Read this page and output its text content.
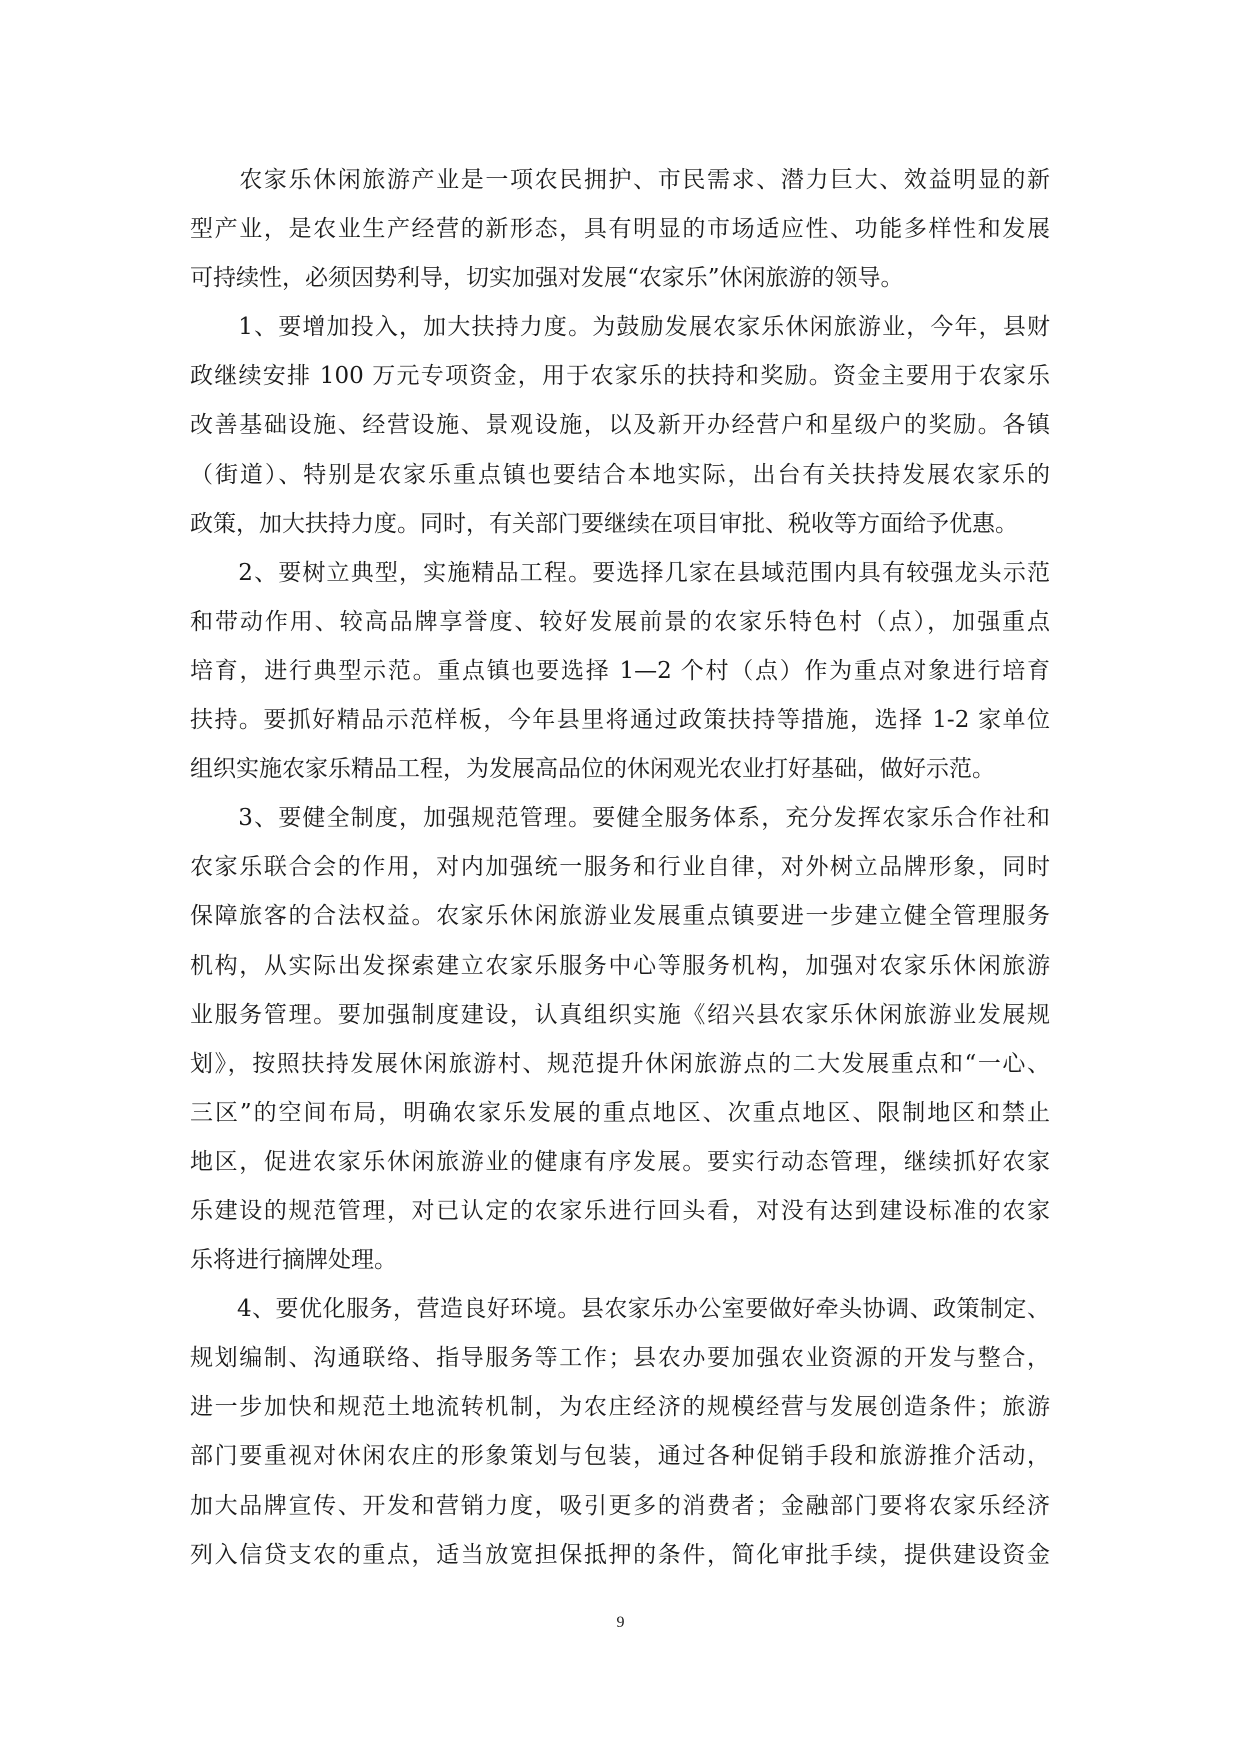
　　农家乐休闲旅游产业是一项农民拥护、市民需求、潜力巨大、效益明显的新
型产业，是农业生产经营的新形态，具有明显的市场适应性、功能多样性和发展
可持续性，必须因势利导，切实加强对发展“农家乐”休闲旅游的领导。
　　1、要增加投入，加大扶持力度。为鼓励发展农家乐休闲旅游业，今年，县财
政继续安排 100 万元专项资金，用于农家乐的扶持和奖励。资金主要用于农家乐
改善基础设施、经营设施、景观设施，以及新开办经营户和星级户的奖励。各镇
（街道）、特别是农家乐重点镇也要结合本地实际，出台有关扶持发展农家乐的
政策，加大扶持力度。同时，有关部门要继续在项目审批、税收等方面给予优惠。
　　2、要树立典型，实施精品工程。要选择几家在县域范围内具有较强龙头示范
和带动作用、较高品牌享誉度、较好发展前景的农家乐特色村（点），加强重点
培育，进行典型示范。重点镇也要选择 1—2 个村（点）作为重点对象进行培育
扶持。要抓好精品示范样板，今年县里将通过政策扶持等措施，选择 1-2 家单位
组织实施农家乐精品工程，为发展高品位的休闲观光农业打好基础，做好示范。
　　3、要健全制度，加强规范管理。要健全服务体系，充分发挥农家乐合作社和
农家乐联合会的作用，对内加强统一服务和行业自律，对外树立品牌形象，同时
保障旅客的合法权益。农家乐休闲旅游业发展重点镇要进一步建立健全管理服务
机构，从实际出发探索建立农家乐服务中心等服务机构，加强对农家乐休闲旅游
业服务管理。要加强制度建设，认真组织实施《绍兴县农家乐休闲旅游业发展规
划》，按照扶持发展休闲旅游村、规范提升休闲旅游点的二大发展重点和“一心、
三区”的空间布局，明确农家乐发展的重点地区、次重点地区、限制地区和禁止
地区，促进农家乐休闲旅游业的健康有序发展。要实行动态管理，继续抓好农家
乐建设的规范管理，对已认定的农家乐进行回头看，对没有达到建设标准的农家
乐将进行摘牌处理。
　　4、要优化服务，营造良好环境。县农家乐办公室要做好牵头协调、政策制定、
规划编制、沟通联络、指导服务等工作；县农办要加强农业资源的开发与整合，
进一步加快和规范土地流转机制，为农庄经济的规模经营与发展创造条件；旅游
部门要重视对休闲农庄的形象策划与包装，通过各种促销手段和旅游推介活动，
加大品牌宣传、开发和营销力度，吸引更多的消费者；金融部门要将农家乐经济
列入信贷支农的重点，适当放宽担保抵押的条件，简化审批手续，提供建设资金
9
